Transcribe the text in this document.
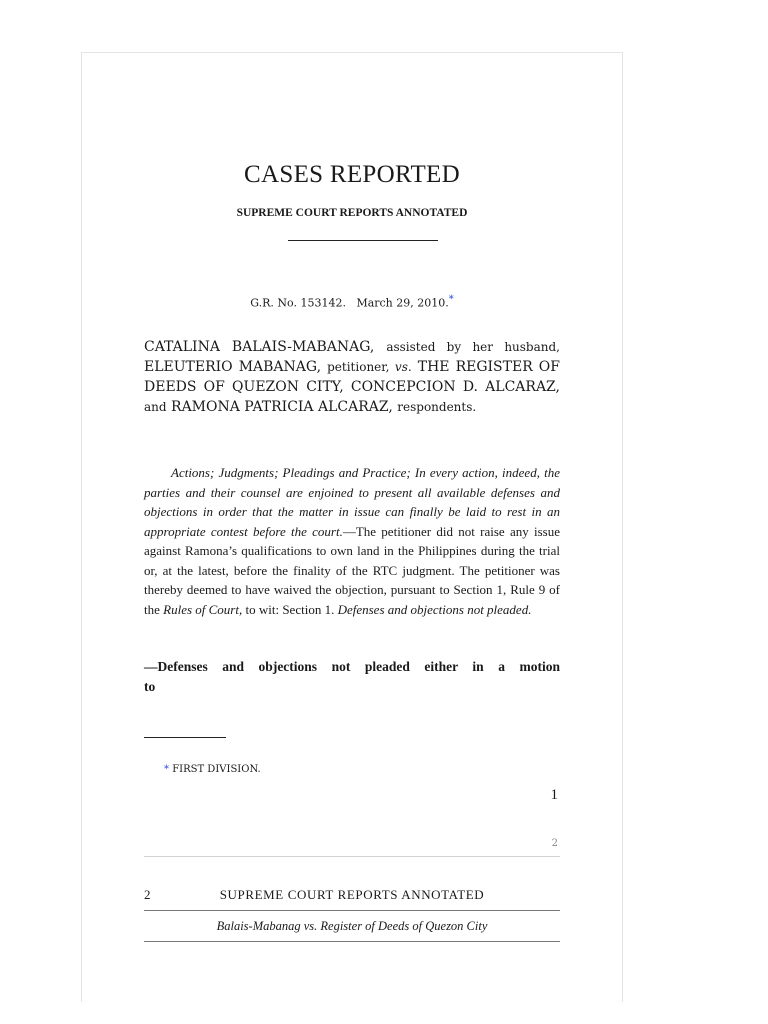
CASES REPORTED
SUPREME COURT REPORTS ANNOTATED
G.R. No. 153142. March 29, 2010.*
CATALINA BALAIS-MABANAG, assisted by her husband, ELEUTERIO MABANAG, petitioner, vs. THE REGISTER OF DEEDS OF QUEZON CITY, CONCEPCION D. ALCARAZ, and RAMONA PATRICIA ALCARAZ, respondents.
Actions; Judgments; Pleadings and Practice; In every action, indeed, the parties and their counsel are enjoined to present all available defenses and objections in order that the matter in issue can finally be laid to rest in an appropriate contest before the court.—The petitioner did not raise any issue against Ramona’s qualifications to own land in the Philippines during the trial or, at the latest, before the finality of the RTC judgment. The petitioner was thereby deemed to have waived the objection, pursuant to Section 1, Rule 9 of the Rules of Court, to wit: Section 1. Defenses and objections not pleaded.
—Defenses and objections not pleaded either in a motion
to
* FIRST DIVISION.
1
2
2	SUPREME COURT REPORTS ANNOTATED
Balais-Mabanag vs. Register of Deeds of Quezon City
